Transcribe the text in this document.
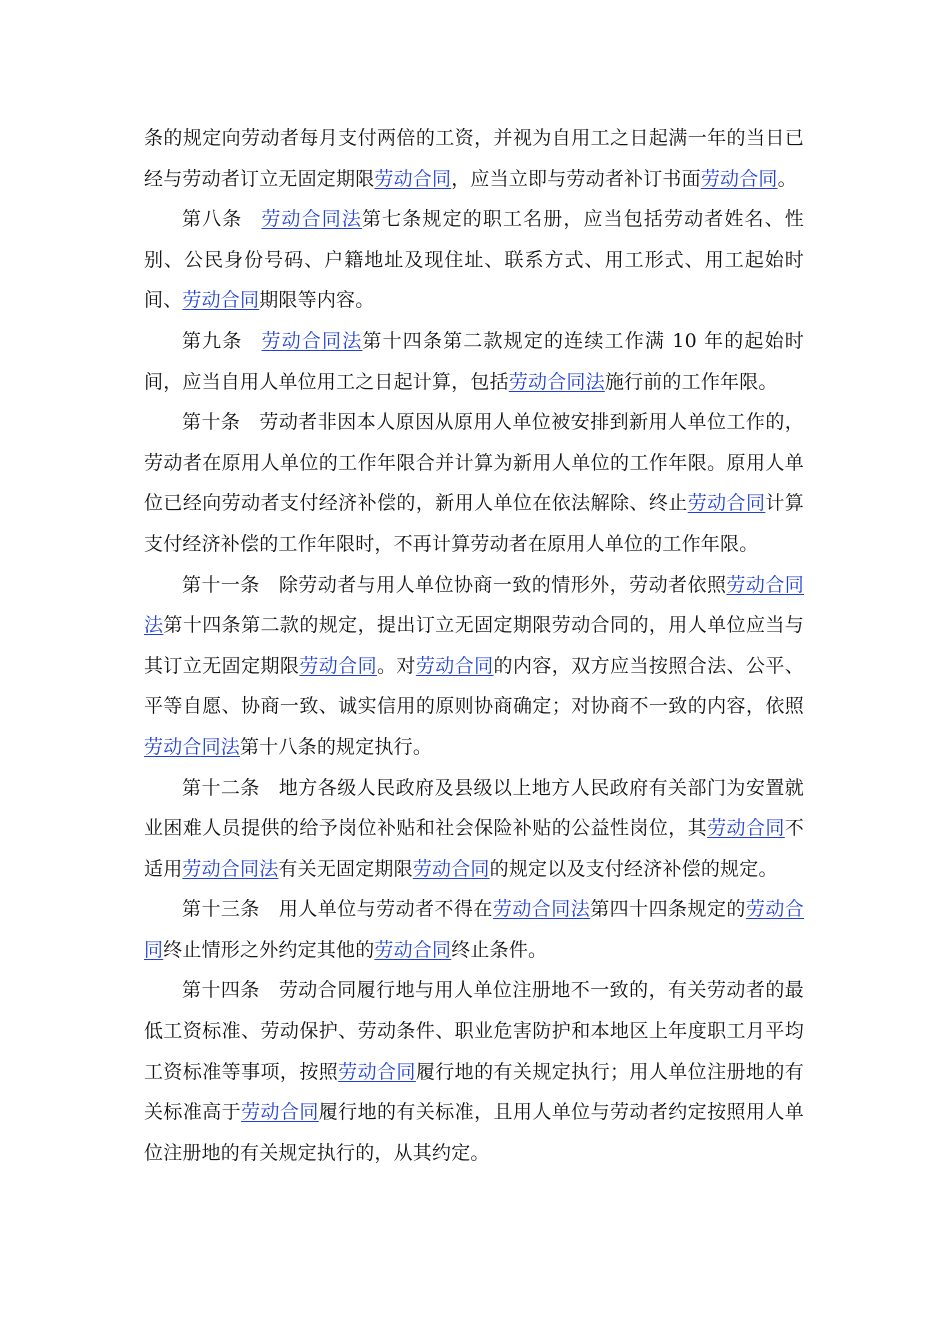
条的规定向劳动者每月支付两倍的工资，并视为自用工之日起满一年的当日已经与劳动者订立无固定期限劳动合同，应当立即与劳动者补订书面劳动合同。

第八条 劳动合同法第七条规定的职工名册，应当包括劳动者姓名、性别、公民身份号码、户籍地址及现住址、联系方式、用工形式、用工起始时间、劳动合同期限等内容。

第九条 劳动合同法第十四条第二款规定的连续工作满 10 年的起始时间，应当自用人单位用工之日起计算，包括劳动合同法施行前的工作年限。

第十条 劳动者非因本人原因从原用人单位被安排到新用人单位工作的，劳动者在原用人单位的工作年限合并计算为新用人单位的工作年限。原用人单位已经向劳动者支付经济补偿的，新用人单位在依法解除、终止劳动合同计算支付经济补偿的工作年限时，不再计算劳动者在原用人单位的工作年限。

第十一条 除劳动者与用人单位协商一致的情形外，劳动者依照劳动合同法第十四条第二款的规定，提出订立无固定期限劳动合同的，用人单位应当与其订立无固定期限劳动合同。对劳动合同的内容，双方应当按照合法、公平、平等自愿、协商一致、诚实信用的原则协商确定；对协商不一致的内容，依照劳动合同法第十八条的规定执行。

第十二条 地方各级人民政府及县级以上地方人民政府有关部门为安置就业困难人员提供的给予岗位补贴和社会保险补贴的公益性岗位，其劳动合同不适用劳动合同法有关无固定期限劳动合同的规定以及支付经济补偿的规定。

第十三条 用人单位与劳动者不得在劳动合同法第四十四条规定的劳动合同终止情形之外约定其他的劳动合同终止条件。

第十四条 劳动合同履行地与用人单位注册地不一致的，有关劳动者的最低工资标准、劳动保护、劳动条件、职业危害防护和本地区上年度职工月平均工资标准等事项，按照劳动合同履行地的有关规定执行；用人单位注册地的有关标准高于劳动合同履行地的有关标准，且用人单位与劳动者约定按照用人单位注册地的有关规定执行的，从其约定。
